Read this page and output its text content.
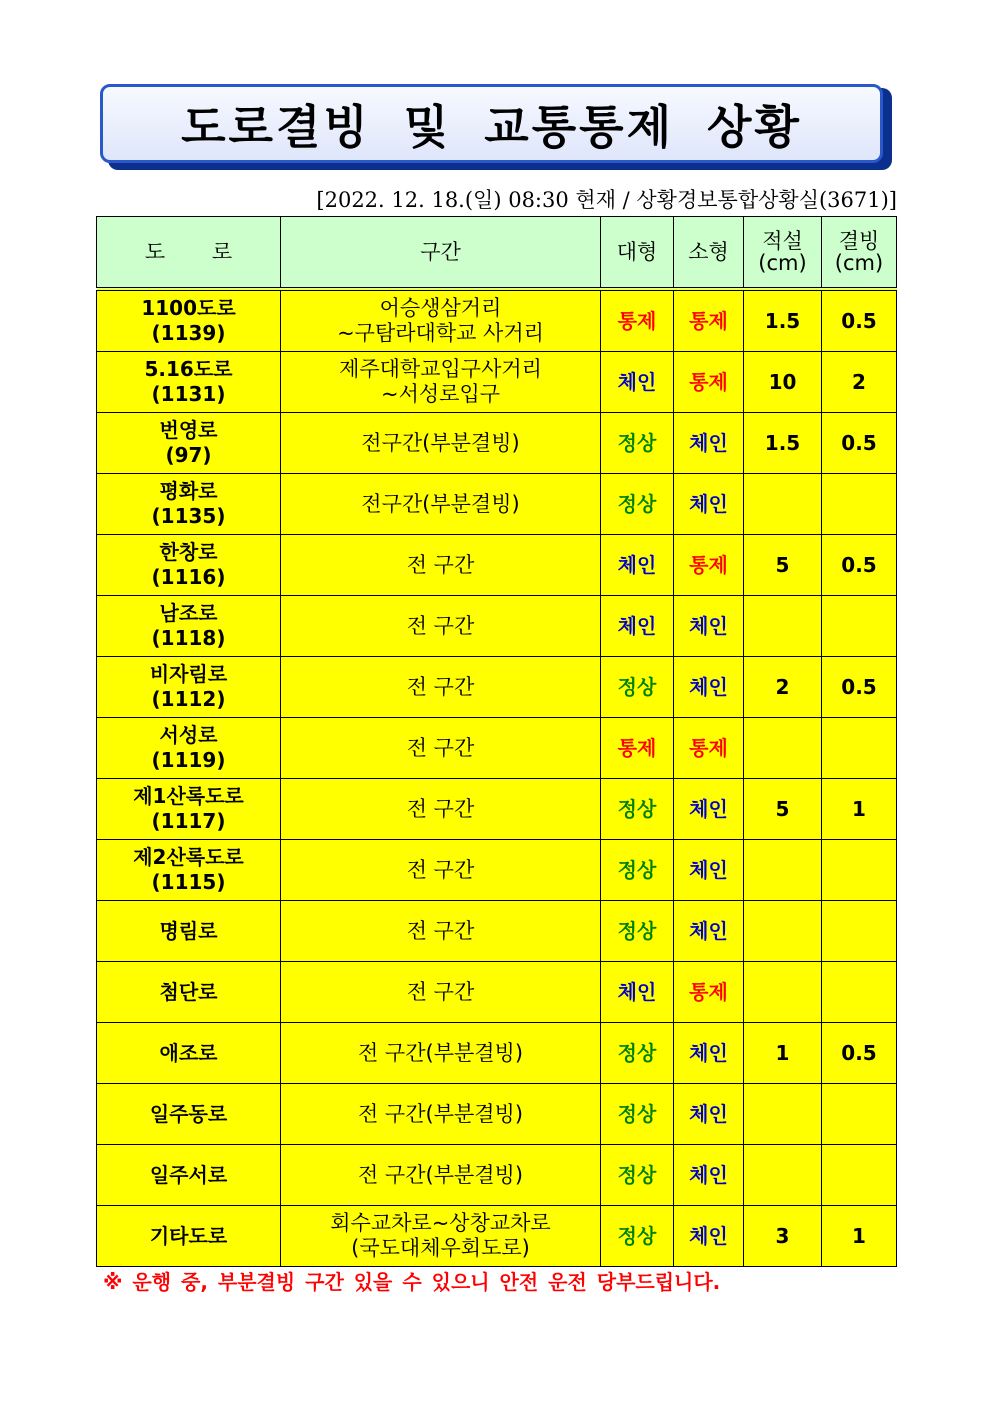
도로결빙 및 교통통제 상황
[2022. 12. 18.(일) 08:30 현재 / 상황경보통합상황실(3671)]
도 로	구간	대형	소형	적설
(cm)	결빙
(cm)

1100도로
(1139)	어승생삼거리
~구탐라대학교 사거리	통제	통제	1.5	0.5

5.16도로
(1131)	제주대학교입구사거리
~서성로입구	체인	통제	10	2

번영로
(97)	전구간(부분결빙)	정상	체인	1.5	0.5

평화로
(1135)	전구간(부분결빙)	정상	체인		

한창로
(1116)	전 구간	체인	통제	5	0.5

남조로
(1118)	전 구간	체인	체인		

비자림로
(1112)	전 구간	정상	체인	2	0.5

서성로
(1119)	전 구간	통제	통제		

제1산록도로
(1117)	전 구간	정상	체인	5	1

제2산록도로
(1115)	전 구간	정상	체인		

명림로	전 구간	정상	체인		

첨단로	전 구간	체인	통제		

애조로	전 구간(부분결빙)	정상	체인	1	0.5

일주동로	전 구간(부분결빙)	정상	체인		

일주서로	전 구간(부분결빙)	정상	체인		

기타도로	회수교차로~상창교차로
(국도대체우회도로)	정상	체인	3	1
※ 운행 중, 부분결빙 구간 있을 수 있으니 안전 운전 당부드립니다.
